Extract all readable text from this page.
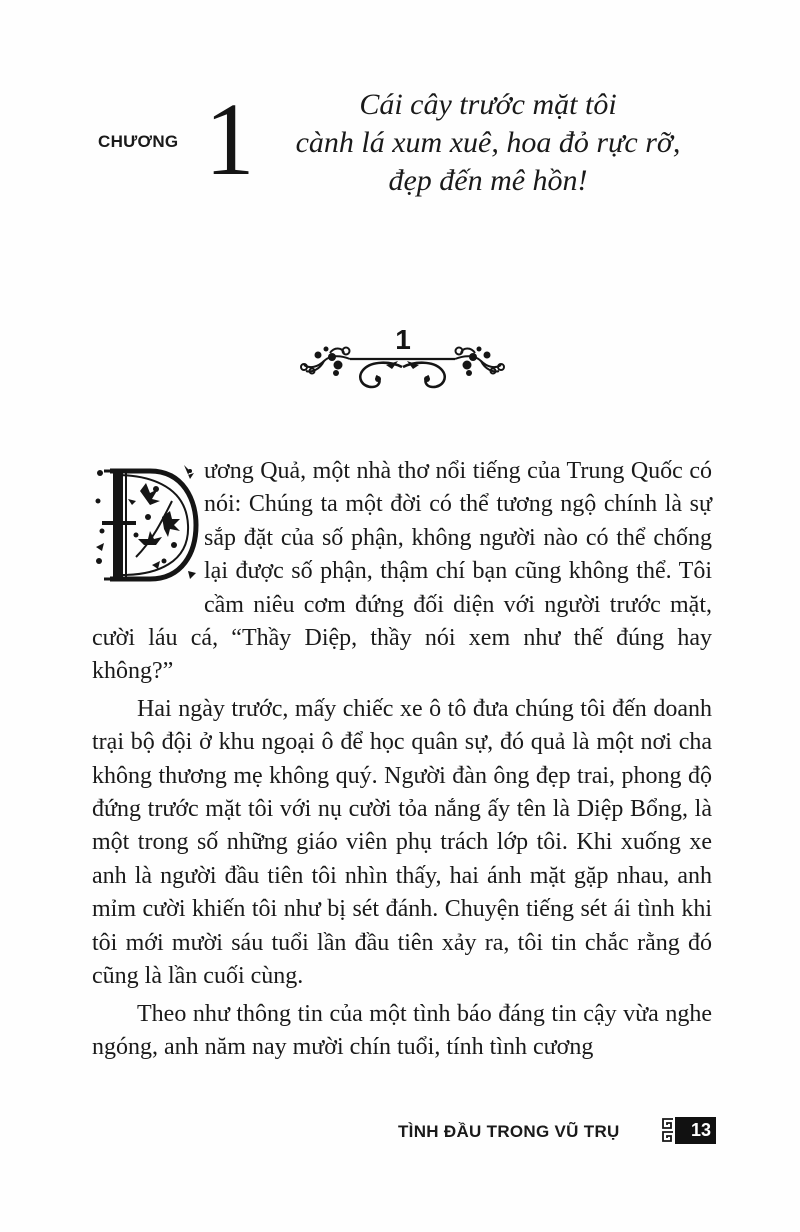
CHƯƠNG 1	Cái cây trước mặt tôi
cành lá xum xuê, hoa đỏ rực rỡ,
đẹp đến mê hồn!
1

ương Quả, một nhà thơ nổi tiếng của Trung Quốc có nói: Chúng ta một đời có thể tương ngộ chính là sự sắp đặt của số phận, không người nào có thể chống lại được số phận, thậm chí bạn cũng không thể. Tôi cầm niêu cơm đứng đối diện với người trước mặt, cười láu cá, “Thầy Diệp, thầy nói xem như thế đúng hay không?”

Hai ngày trước, mấy chiếc xe ô tô đưa chúng tôi đến doanh trại bộ đội ở khu ngoại ô để học quân sự, đó quả là một nơi cha không thương mẹ không quý. Người đàn ông đẹp trai, phong độ đứng trước mặt tôi với nụ cười tỏa nắng ấy tên là Diệp Bổng, là một trong số những giáo viên phụ trách lớp tôi. Khi xuống xe anh là người đầu tiên tôi nhìn thấy, hai ánh mặt gặp nhau, anh mỉm cười khiến tôi như bị sét đánh. Chuyện tiếng sét ái tình khi tôi mới mười sáu tuổi lần đầu tiên xảy ra, tôi tin chắc rằng đó cũng là lần cuối cùng.

Theo như thông tin của một tình báo đáng tin cậy vừa nghe ngóng, anh năm nay mười chín tuổi, tính tình cương

TÌNH ĐẦU TRONG VŨ TRỤ	13
